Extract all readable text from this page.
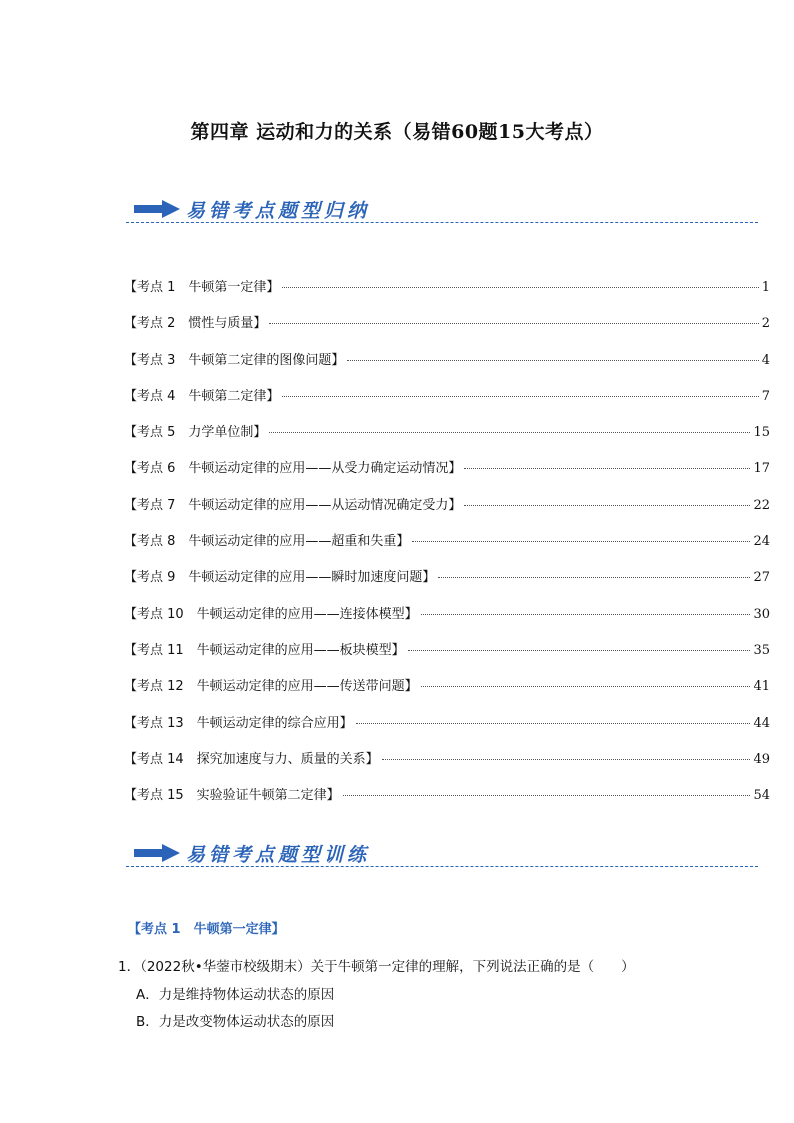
第四章 运动和力的关系（易错60题15大考点）
易错考点题型归纳
【考点 1　牛顿第一定律】	1
【考点 2　惯性与质量】	2
【考点 3　牛顿第二定律的图像问题】	4
【考点 4　牛顿第二定律】	7
【考点 5　力学单位制】	15
【考点 6　牛顿运动定律的应用——从受力确定运动情况】	17
【考点 7　牛顿运动定律的应用——从运动情况确定受力】	22
【考点 8　牛顿运动定律的应用——超重和失重】	24
【考点 9　牛顿运动定律的应用——瞬时加速度问题】	27
【考点 10　牛顿运动定律的应用——连接体模型】	30
【考点 11　牛顿运动定律的应用——板块模型】	35
【考点 12　牛顿运动定律的应用——传送带问题】	41
【考点 13　牛顿运动定律的综合应用】	44
【考点 14　探究加速度与力、质量的关系】	49
【考点 15　实验验证牛顿第二定律】	54
易错考点题型训练
【考点 1　牛顿第一定律】
1．（2022秋•华蓥市校级期末）关于牛顿第一定律的理解，下列说法正确的是（　　）
A．力是维持物体运动状态的原因
B．力是改变物体运动状态的原因
